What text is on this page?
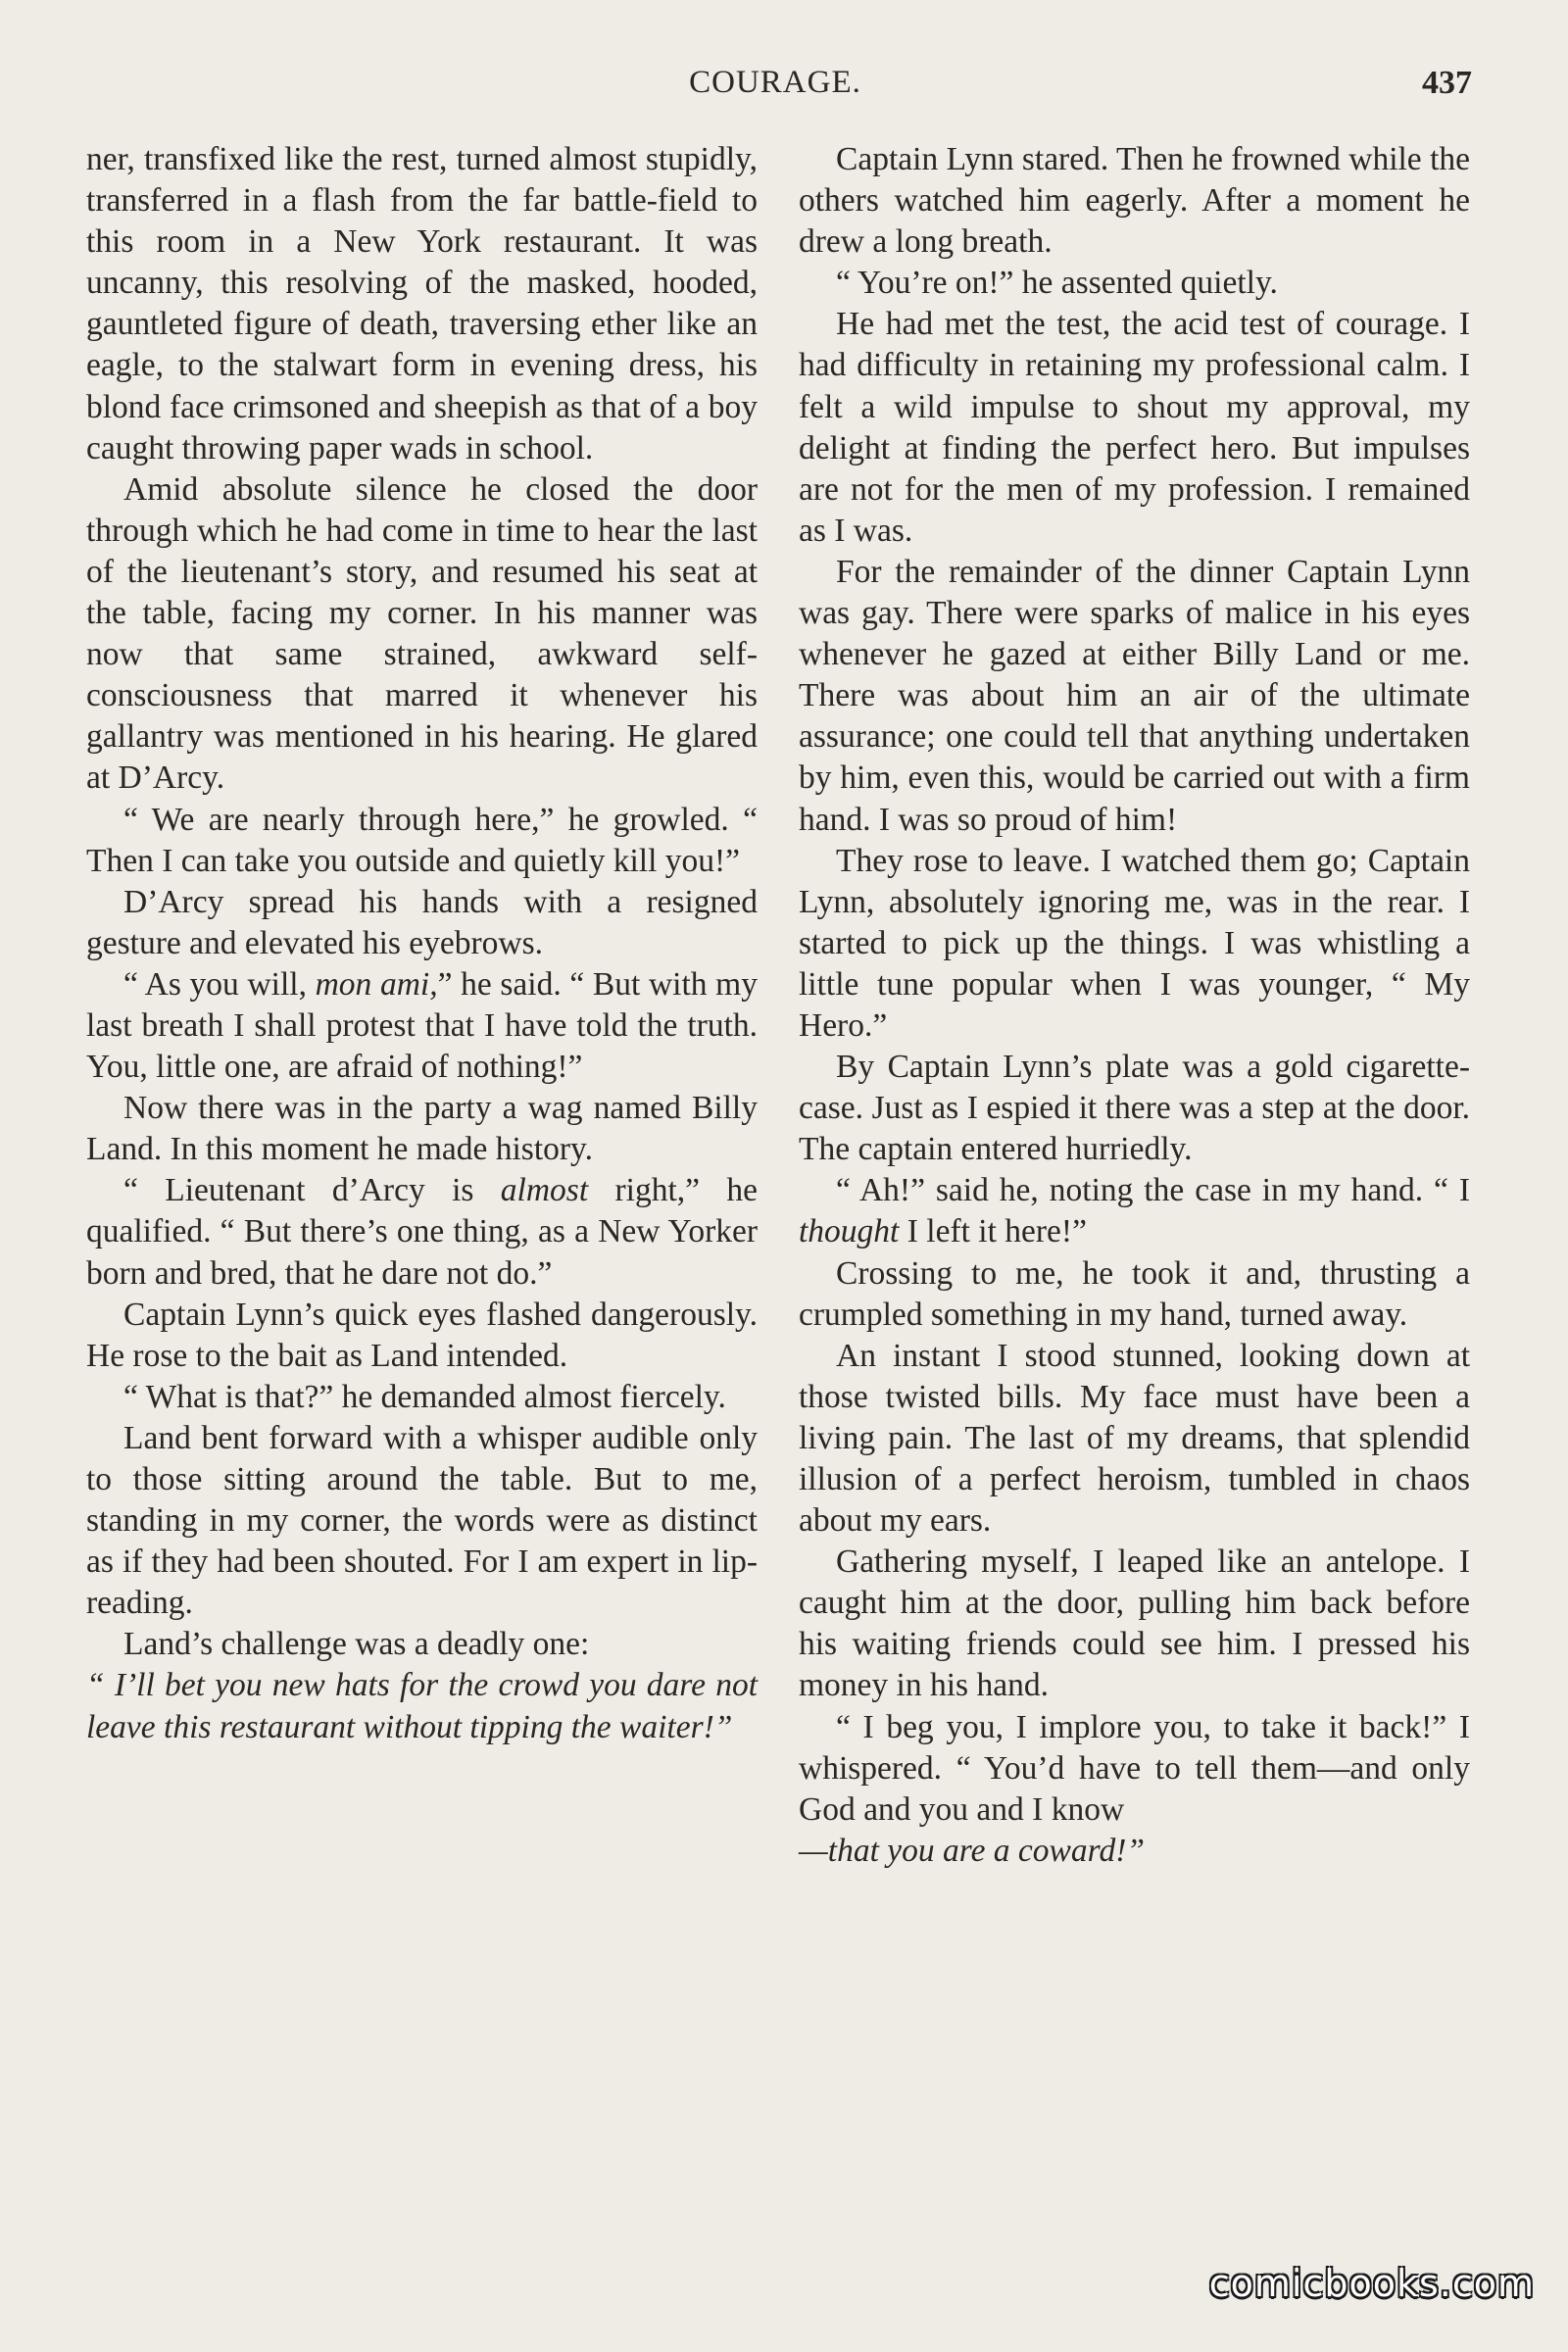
COURAGE.	437

ner, transfixed like the rest, turned almost stupidly, transferred in a flash from the far battle-field to this room in a New York restaurant. It was uncanny, this resolving of the masked, hooded, gauntleted figure of death, traversing ether like an eagle, to the stalwart form in evening dress, his blond face crimsoned and sheepish as that of a boy caught throwing paper wads in school.

Amid absolute silence he closed the door through which he had come in time to hear the last of the lieutenant’s story, and resumed his seat at the table, facing my corner. In his manner was now that same strained, awkward self-consciousness that marred it whenever his gallantry was mentioned in his hearing. He glared at D’Arcy.

“ We are nearly through here,” he growled. “ Then I can take you outside and quietly kill you!”

D’Arcy spread his hands with a resigned gesture and elevated his eyebrows.

“ As you will, mon ami,” he said. “ But with my last breath I shall protest that I have told the truth. You, little one, are afraid of nothing!”

Now there was in the party a wag named Billy Land. In this moment he made history.

“ Lieutenant d’Arcy is almost right,” he qualified. “ But there’s one thing, as a New Yorker born and bred, that he dare not do.”

Captain Lynn’s quick eyes flashed dangerously. He rose to the bait as Land intended.

“ What is that?” he demanded almost fiercely.

Land bent forward with a whisper audible only to those sitting around the table. But to me, standing in my corner, the words were as distinct as if they had been shouted. For I am expert in lip-reading.

Land’s challenge was a deadly one:

“ I’ll bet you new hats for the crowd you dare not leave this restaurant without tipping the waiter!”

Captain Lynn stared. Then he frowned while the others watched him eagerly. After a moment he drew a long breath.

“ You’re on!” he assented quietly.

He had met the test, the acid test of courage. I had difficulty in retaining my professional calm. I felt a wild impulse to shout my approval, my delight at finding the perfect hero. But impulses are not for the men of my profession. I remained as I was.

For the remainder of the dinner Captain Lynn was gay. There were sparks of malice in his eyes whenever he gazed at either Billy Land or me. There was about him an air of the ultimate assurance; one could tell that anything undertaken by him, even this, would be carried out with a firm hand. I was so proud of him!

They rose to leave. I watched them go; Captain Lynn, absolutely ignoring me, was in the rear. I started to pick up the things. I was whistling a little tune popular when I was younger, “ My Hero.”

By Captain Lynn’s plate was a gold cigarette-case. Just as I espied it there was a step at the door. The captain entered hurriedly.

“ Ah!” said he, noting the case in my hand. “ I thought I left it here!”

Crossing to me, he took it and, thrusting a crumpled something in my hand, turned away.

An instant I stood stunned, looking down at those twisted bills. My face must have been a living pain. The last of my dreams, that splendid illusion of a perfect heroism, tumbled in chaos about my ears.

Gathering myself, I leaped like an antelope. I caught him at the door, pulling him back before his waiting friends could see him. I pressed his money in his hand.

“ I beg you, I implore you, to take it back!” I whispered. “ You’d have to tell them—and only God and you and I know

—that you are a coward!”

comicbooks.com
